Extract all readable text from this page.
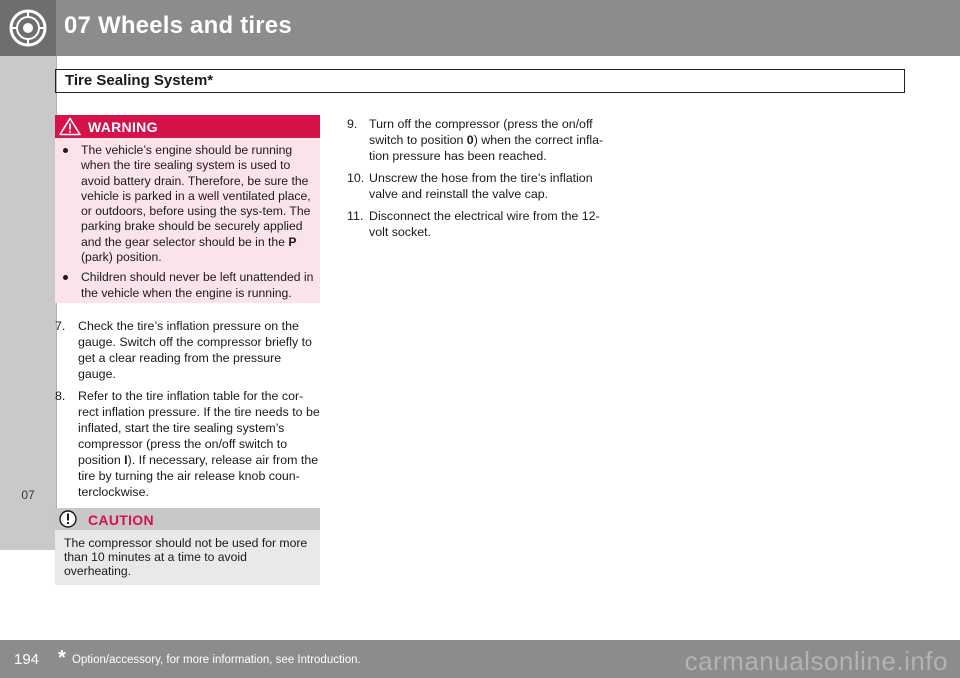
07 Wheels and tires
07
Tire Sealing System*
WARNING
The vehicle’s engine should be running when the tire sealing system is used to avoid battery drain. Therefore, be sure the vehicle is parked in a well ventilated place, or outdoors, before using the sys-tem. The parking brake should be securely applied and the gear selector should be in the P (park) position.
Children should never be left unattended in the vehicle when the engine is running.
7. Check the tire’s inflation pressure on the gauge. Switch off the compressor briefly to get a clear reading from the pressure gauge.
8. Refer to the tire inflation table for the cor-rect inflation pressure. If the tire needs to be inflated, start the tire sealing system’s compressor (press the on/off switch to position I). If necessary, release air from the tire by turning the air release knob coun-terclockwise.
CAUTION
The compressor should not be used for more than 10 minutes at a time to avoid overheating.
9. Turn off the compressor (press the on/off switch to position 0) when the correct infla-tion pressure has been reached.
10. Unscrew the hose from the tire’s inflation valve and reinstall the valve cap.
11. Disconnect the electrical wire from the 12-volt socket.
194 * Option/accessory, for more information, see Introduction.	carmanualsonline.info
